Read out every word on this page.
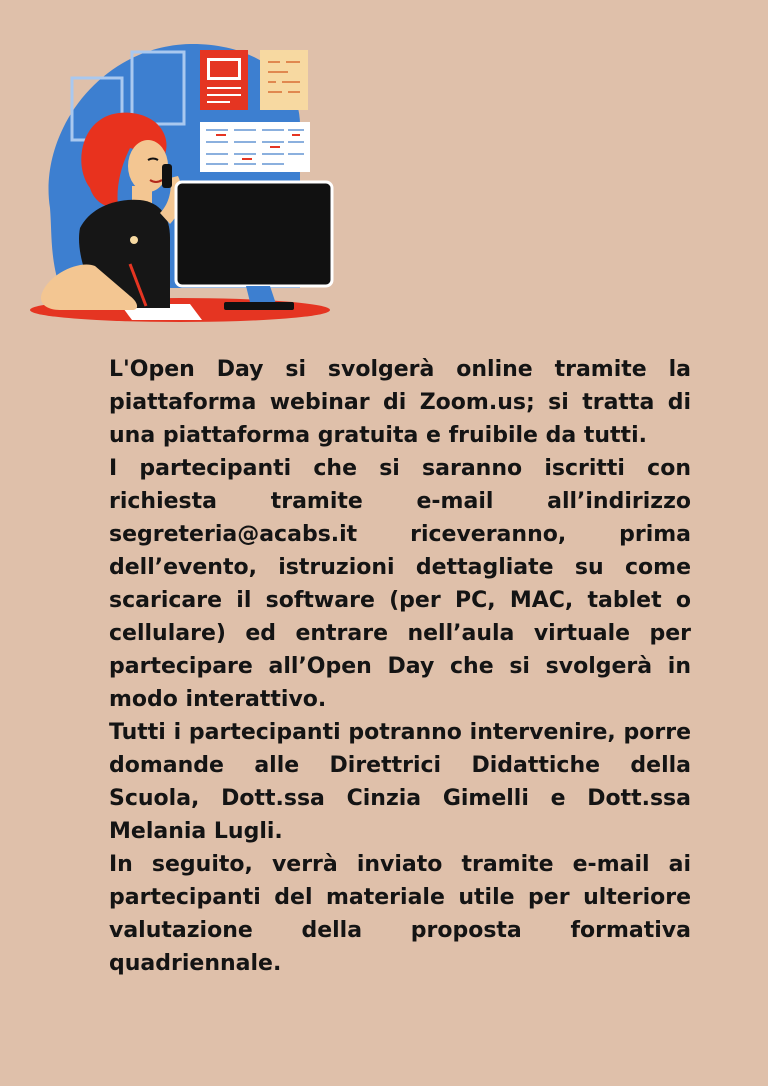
L'Open Day si svolgerà online tramite la piattaforma webinar di Zoom.us; si tratta di una piattaforma gratuita e fruibile da tutti.

I partecipanti che si saranno iscritti con richiesta tramite e-mail all’indirizzo segreteria@acabs.it riceveranno, prima dell’evento, istruzioni dettagliate su come scaricare il software (per PC, MAC, tablet o cellulare) ed entrare nell’aula virtuale per partecipare all’Open Day che si svolgerà in modo interattivo.

Tutti i partecipanti potranno intervenire, porre domande alle Direttrici Didattiche della Scuola, Dott.ssa Cinzia Gimelli e Dott.ssa Melania Lugli.

In seguito, verrà inviato tramite e-mail ai partecipanti del materiale utile per ulteriore valutazione della proposta formativa quadriennale.
